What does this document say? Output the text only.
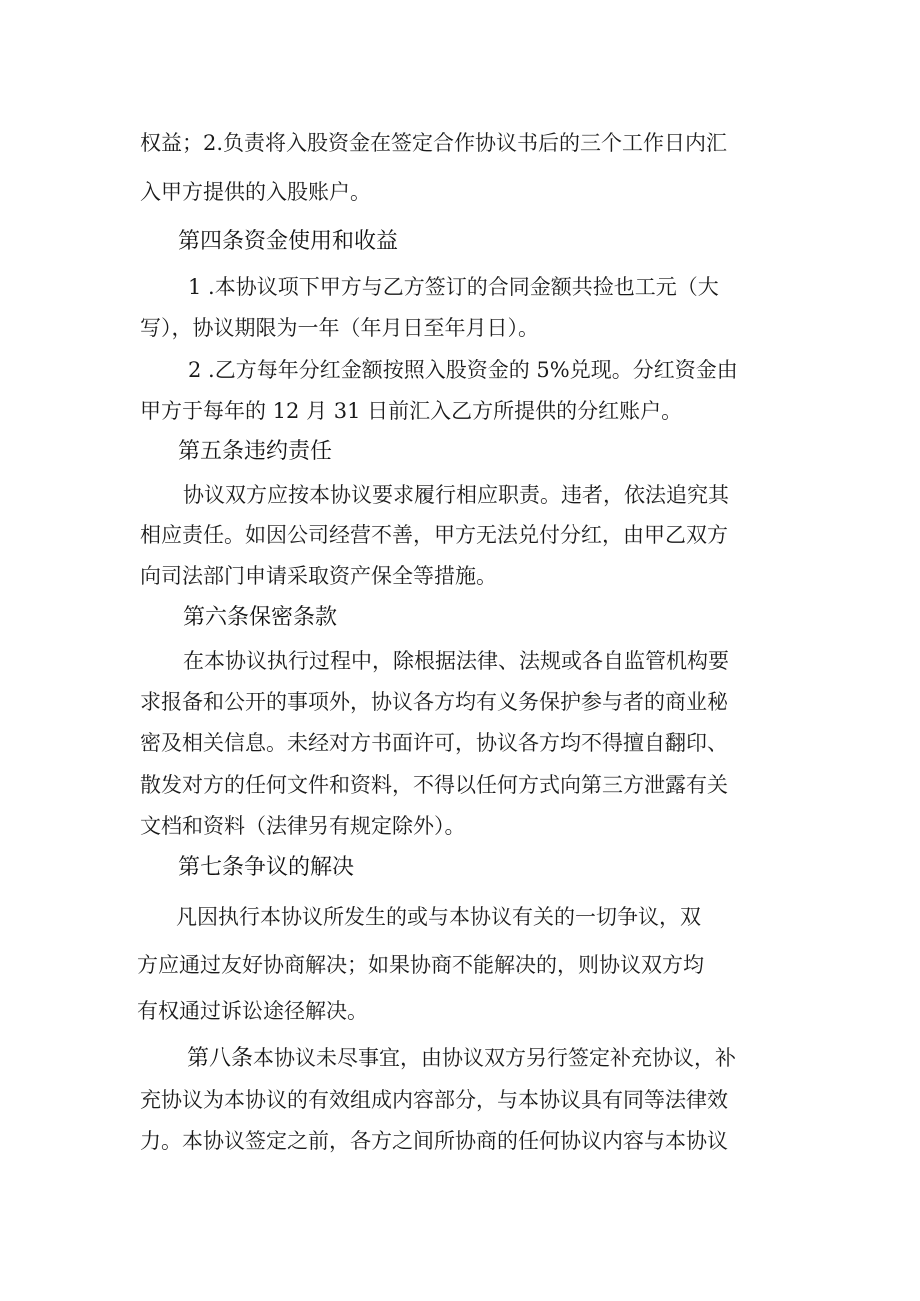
权益；2.负责将入股资金在签定合作协议书后的三个工作日内汇
入甲方提供的入股账户。
第四条资金使用和收益
1 .本协议项下甲方与乙方签订的合同金额共捡也工元（大
写），协议期限为一年（年月日至年月日）。
2 .乙方每年分红金额按照入股资金的 5%兑现。分红资金由
甲方于每年的 12 月 31 日前汇入乙方所提供的分红账户。
第五条违约责任
协议双方应按本协议要求履行相应职责。违者，依法追究其
相应责任。如因公司经营不善，甲方无法兑付分红，由甲乙双方
向司法部门申请采取资产保全等措施。
第六条保密条款
在本协议执行过程中，除根据法律、法规或各自监管机构要
求报备和公开的事项外，协议各方均有义务保护参与者的商业秘
密及相关信息。未经对方书面许可，协议各方均不得擅自翻印、
散发对方的任何文件和资料，不得以任何方式向第三方泄露有关
文档和资料（法律另有规定除外）。
第七条争议的解决
凡因执行本协议所发生的或与本协议有关的一切争议，双
方应通过友好协商解决；如果协商不能解决的，则协议双方均
有权通过诉讼途径解决。
第八条本协议未尽事宜，由协议双方另行签定补充协议，补
充协议为本协议的有效组成内容部分，与本协议具有同等法律效
力。本协议签定之前，各方之间所协商的任何协议内容与本协议
